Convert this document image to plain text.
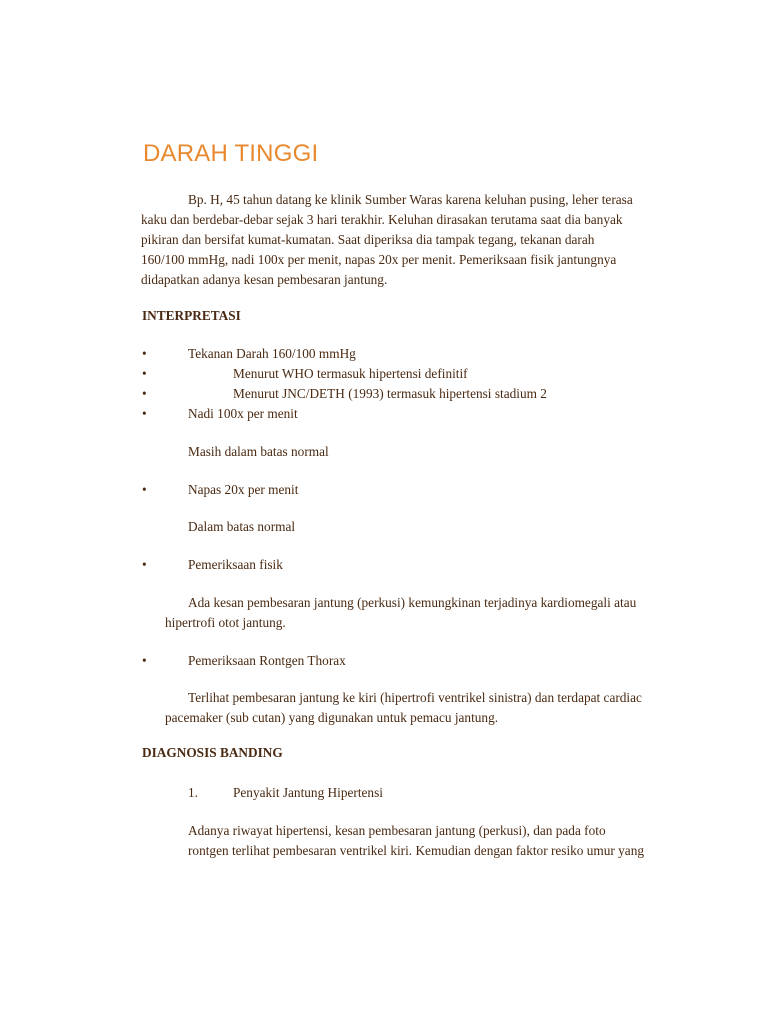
DARAH TINGGI
Bp. H, 45 tahun datang ke klinik Sumber Waras karena keluhan pusing, leher terasa
kaku dan berdebar-debar sejak 3 hari terakhir. Keluhan dirasakan terutama saat dia banyak
pikiran dan bersifat kumat-kumatan. Saat diperiksa dia tampak tegang, tekanan darah
160/100 mmHg, nadi 100x per menit, napas 20x per menit. Pemeriksaan fisik jantungnya
didapatkan adanya kesan pembesaran jantung.
INTERPRETASI
•	Tekanan Darah 160/100 mmHg
•	Menurut WHO termasuk hipertensi definitif
•	Menurut JNC/DETH (1993) termasuk hipertensi stadium 2
•	Nadi 100x per menit
Masih dalam batas normal
•	Napas 20x per menit
Dalam batas normal
•	Pemeriksaan fisik
Ada kesan pembesaran jantung (perkusi) kemungkinan terjadinya kardiomegali atau
hipertrofi otot jantung.
•	Pemeriksaan Rontgen Thorax
Terlihat pembesaran jantung ke kiri (hipertrofi ventrikel sinistra) dan terdapat cardiac
pacemaker (sub cutan) yang digunakan untuk pemacu jantung.
DIAGNOSIS BANDING
1.	Penyakit Jantung Hipertensi
Adanya riwayat hipertensi, kesan pembesaran jantung (perkusi), dan pada foto
rontgen terlihat pembesaran ventrikel kiri. Kemudian dengan faktor resiko umur yang
